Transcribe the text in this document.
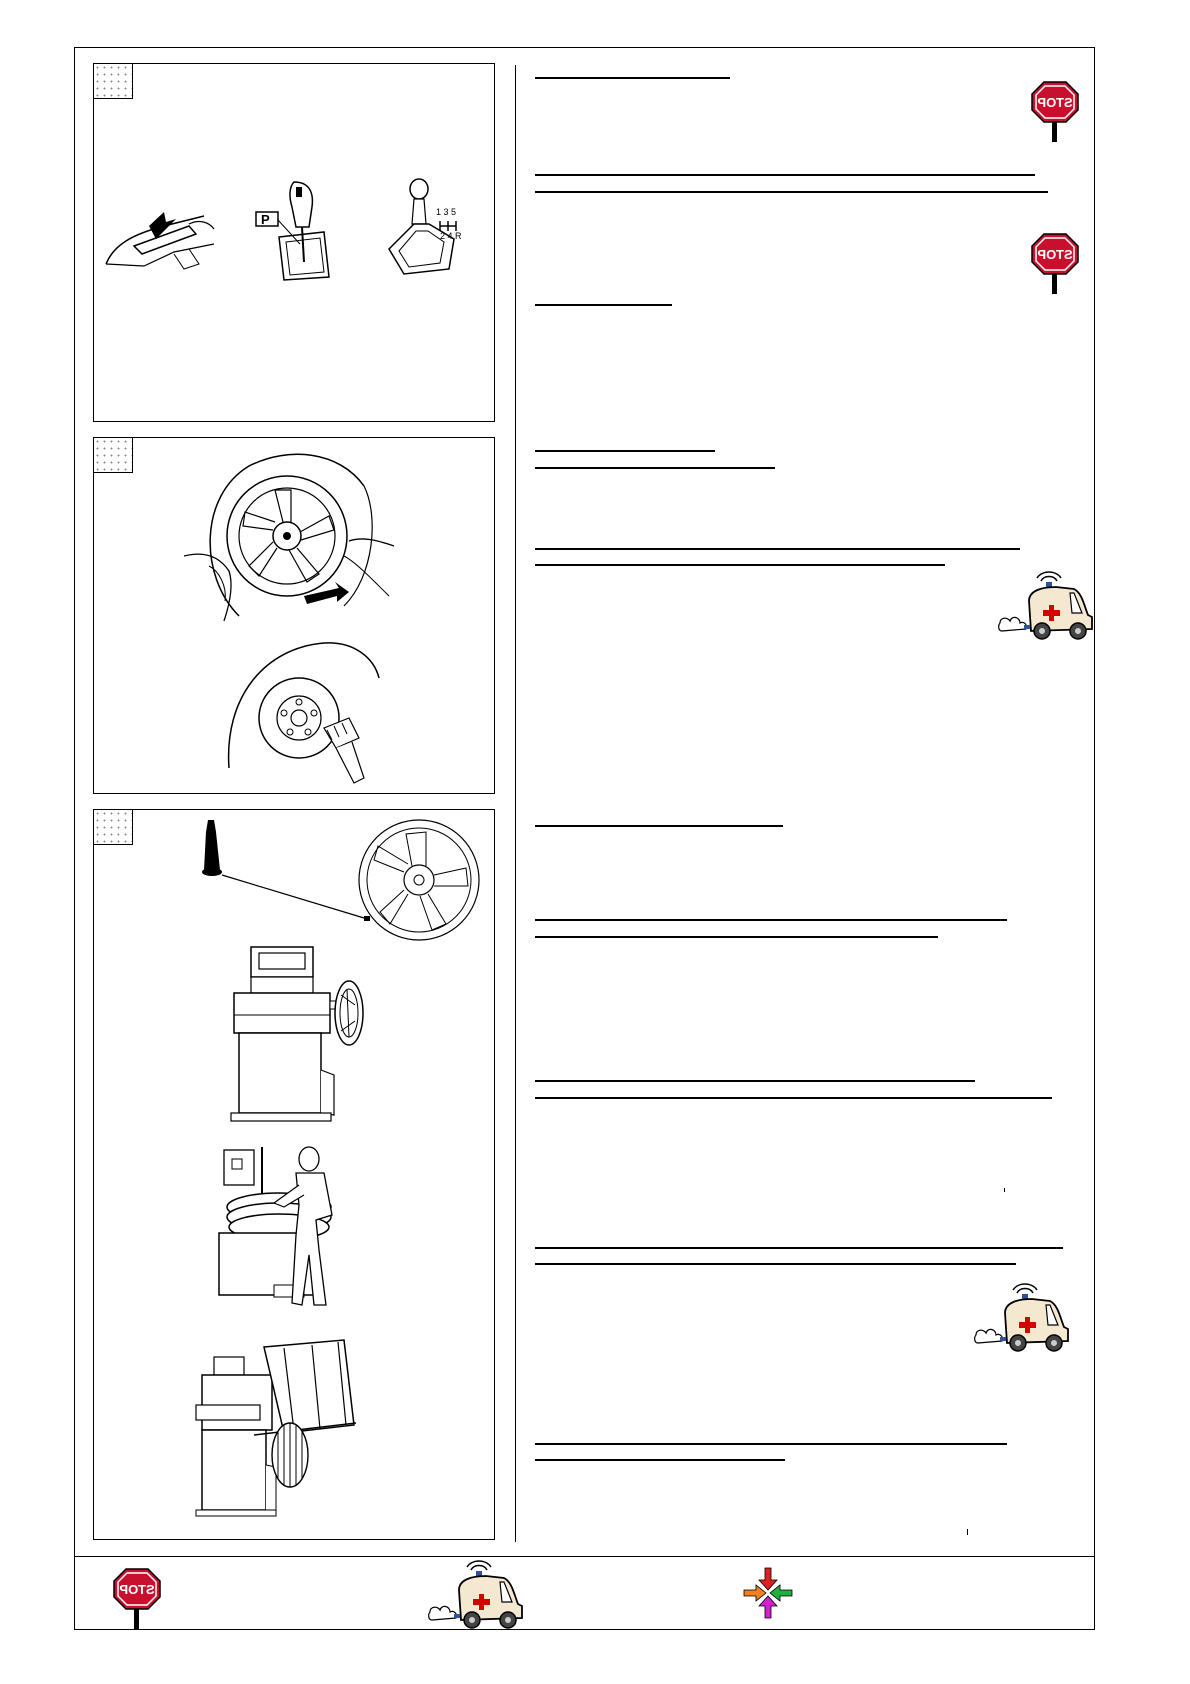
P	1 3 5
2 4 R
STOP
STOP
STOP
